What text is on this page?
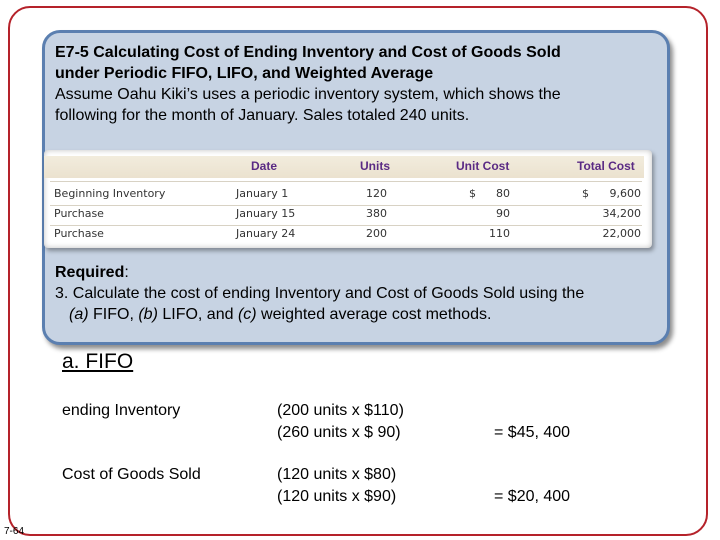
E7-5 Calculating Cost of Ending Inventory and Cost of Goods Sold
under Periodic FIFO, LIFO, and Weighted Average
Assume Oahu Kiki’s uses a periodic inventory system, which shows the
following for the month of January. Sales totaled 240 units.
Date	Units	Unit Cost	Total Cost
Beginning Inventory	January 1	120	$	80	$	9,600
Purchase	January 15	380	90	34,200
Purchase	January 24	200	110	22,000
Required:
3. Calculate the cost of ending Inventory and Cost of Goods Sold using the
(a) FIFO, (b) LIFO, and (c) weighted average cost methods.
a. FIFO
ending Inventory	(200 units x $110)
(260 units x $ 90)	= $45, 400
Cost of Goods Sold	(120 units x $80)
(120 units x $90)	= $20, 400
7-64
